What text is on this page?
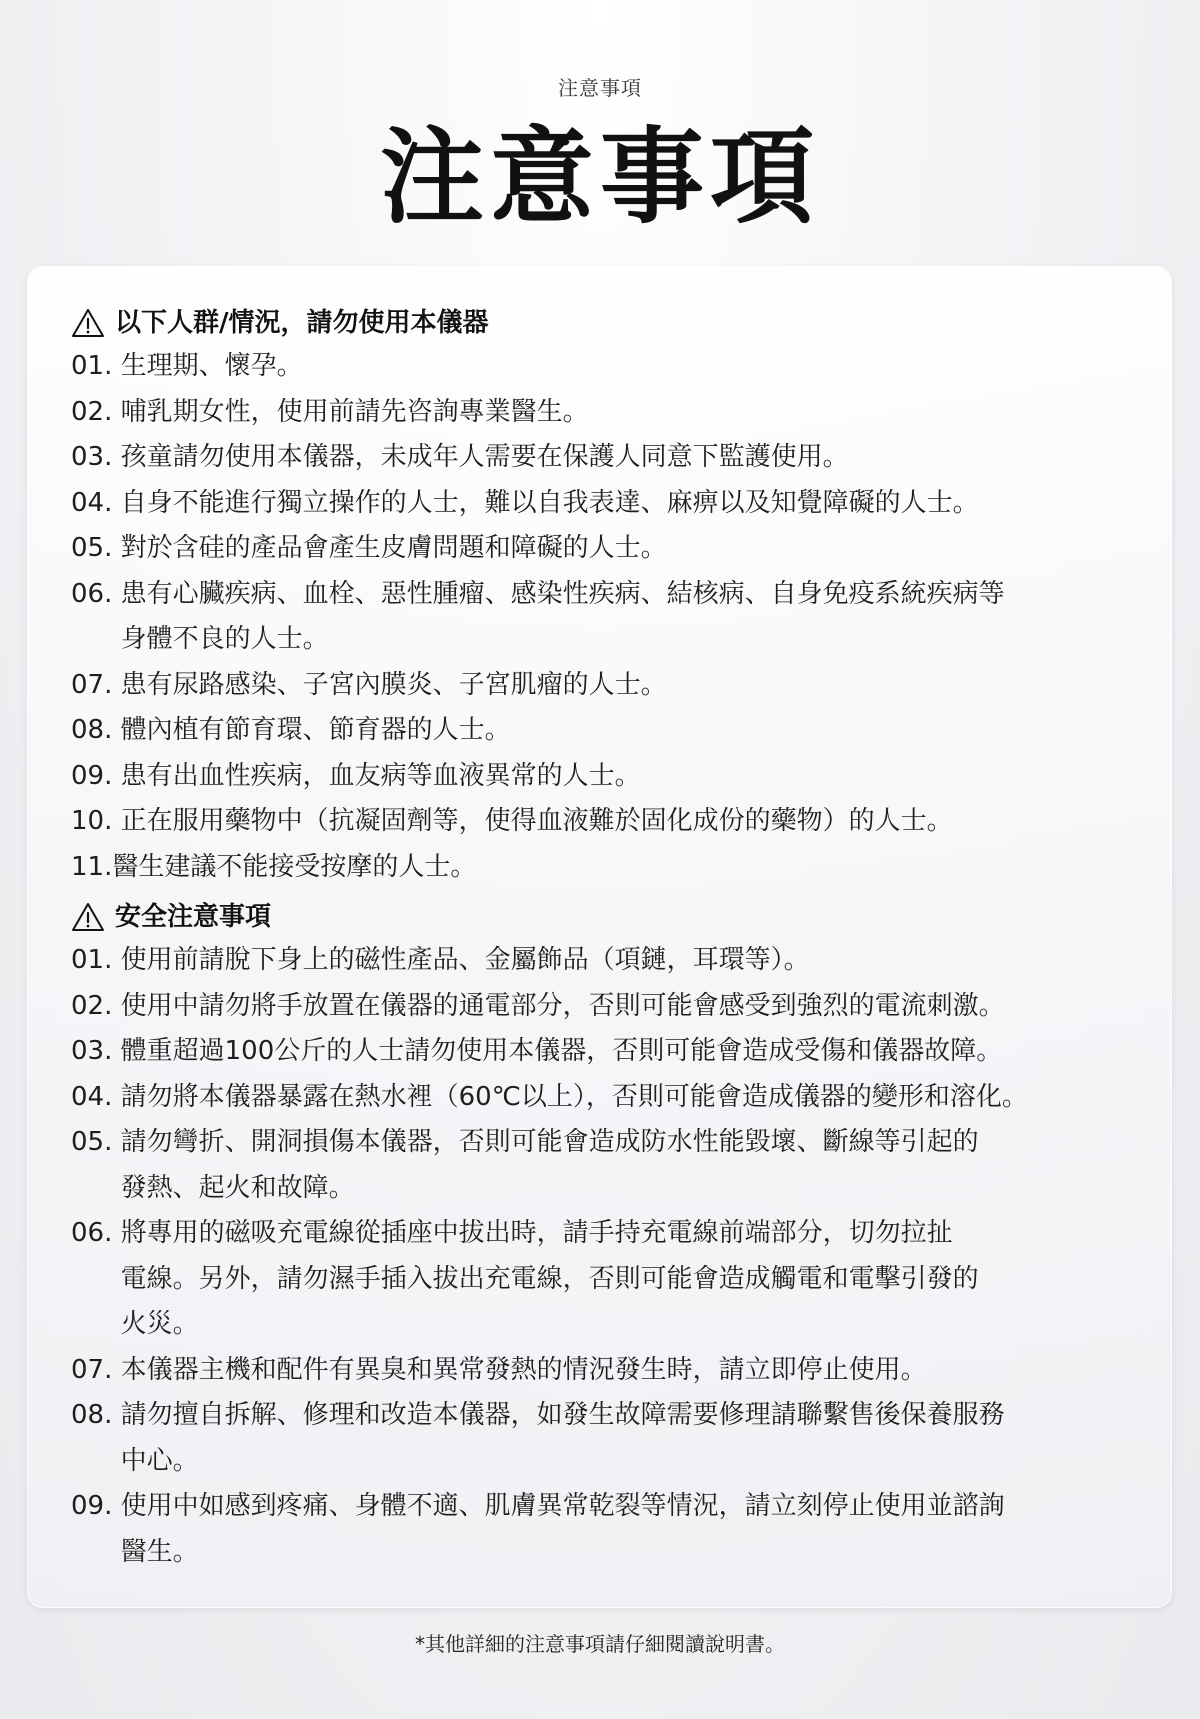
注意事項
注意事項
以下人群/情況，請勿使用本儀器
01. 生理期、懷孕。
02. 哺乳期女性，使用前請先咨詢專業醫生。
03. 孩童請勿使用本儀器，未成年人需要在保護人同意下監護使用。
04. 自身不能進行獨立操作的人士，難以自我表達、麻痹以及知覺障礙的人士。
05. 對於含硅的產品會產生皮膚問題和障礙的人士。
06. 患有心臟疾病、血栓、惡性腫瘤、感染性疾病、結核病、自身免疫系統疾病等
身體不良的人士。
07. 患有尿路感染、子宮內膜炎、子宮肌瘤的人士。
08. 體內植有節育環、節育器的人士。
09. 患有出血性疾病，血友病等血液異常的人士。
10. 正在服用藥物中（抗凝固劑等，使得血液難於固化成份的藥物）的人士。
11. 醫生建議不能接受按摩的人士。
安全注意事項
01. 使用前請脫下身上的磁性產品、金屬飾品（項鏈，耳環等）。
02. 使用中請勿將手放置在儀器的通電部分，否則可能會感受到強烈的電流刺激。
03. 體重超過100公斤的人士請勿使用本儀器，否則可能會造成受傷和儀器故障。
04. 請勿將本儀器暴露在熱水裡（60℃以上），否則可能會造成儀器的變形和溶化。
05. 請勿彎折、開洞損傷本儀器，否則可能會造成防水性能毀壞、斷線等引起的
發熱、起火和故障。
06. 將專用的磁吸充電線從插座中拔出時，請手持充電線前端部分，切勿拉扯
電線。另外，請勿濕手插入拔出充電線，否則可能會造成觸電和電擊引發的
火災。
07. 本儀器主機和配件有異臭和異常發熱的情況發生時，請立即停止使用。
08. 請勿擅自拆解、修理和改造本儀器，如發生故障需要修理請聯繫售後保養服務
中心。
09. 使用中如感到疼痛、身體不適、肌膚異常乾裂等情況，請立刻停止使用並諮詢
醫生。
*其他詳細的注意事項請仔細閱讀說明書。
